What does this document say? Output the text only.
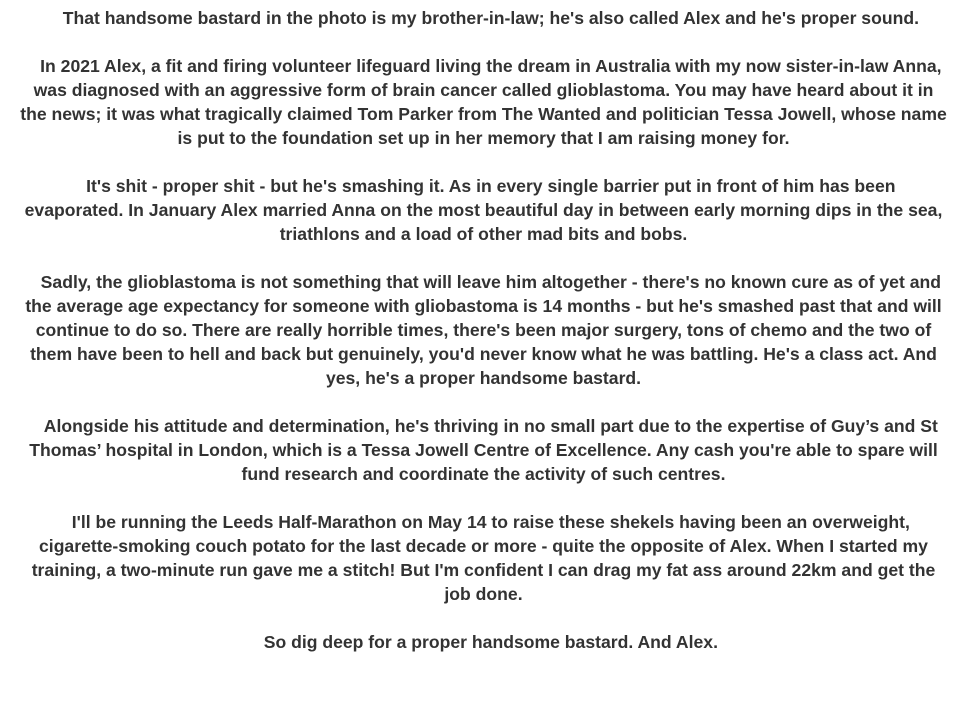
That handsome bastard in the photo is my brother-in-law; he's also called Alex and he's proper sound.

In 2021 Alex, a fit and firing volunteer lifeguard living the dream in Australia with my now sister-in-law Anna, was diagnosed with an aggressive form of brain cancer called glioblastoma. You may have heard about it in the news; it was what tragically claimed Tom Parker from The Wanted and politician Tessa Jowell, whose name is put to the foundation set up in her memory that I am raising money for.

It's shit - proper shit - but he's smashing it. As in every single barrier put in front of him has been evaporated. In January Alex married Anna on the most beautiful day in between early morning dips in the sea, triathlons and a load of other mad bits and bobs.

Sadly, the glioblastoma is not something that will leave him altogether - there's no known cure as of yet and the average age expectancy for someone with gliobastoma is 14 months - but he's smashed past that and will continue to do so. There are really horrible times, there's been major surgery, tons of chemo and the two of them have been to hell and back but genuinely, you'd never know what he was battling. He's a class act. And yes, he's a proper handsome bastard.

Alongside his attitude and determination, he's thriving in no small part due to the expertise of Guy’s and St Thomas’ hospital in London, which is a Tessa Jowell Centre of Excellence. Any cash you're able to spare will fund research and coordinate the activity of such centres.

I'll be running the Leeds Half-Marathon on May 14 to raise these shekels having been an overweight, cigarette-smoking couch potato for the last decade or more - quite the opposite of Alex. When I started my training, a two-minute run gave me a stitch! But I'm confident I can drag my fat ass around 22km and get the job done.

So dig deep for a proper handsome bastard. And Alex.
